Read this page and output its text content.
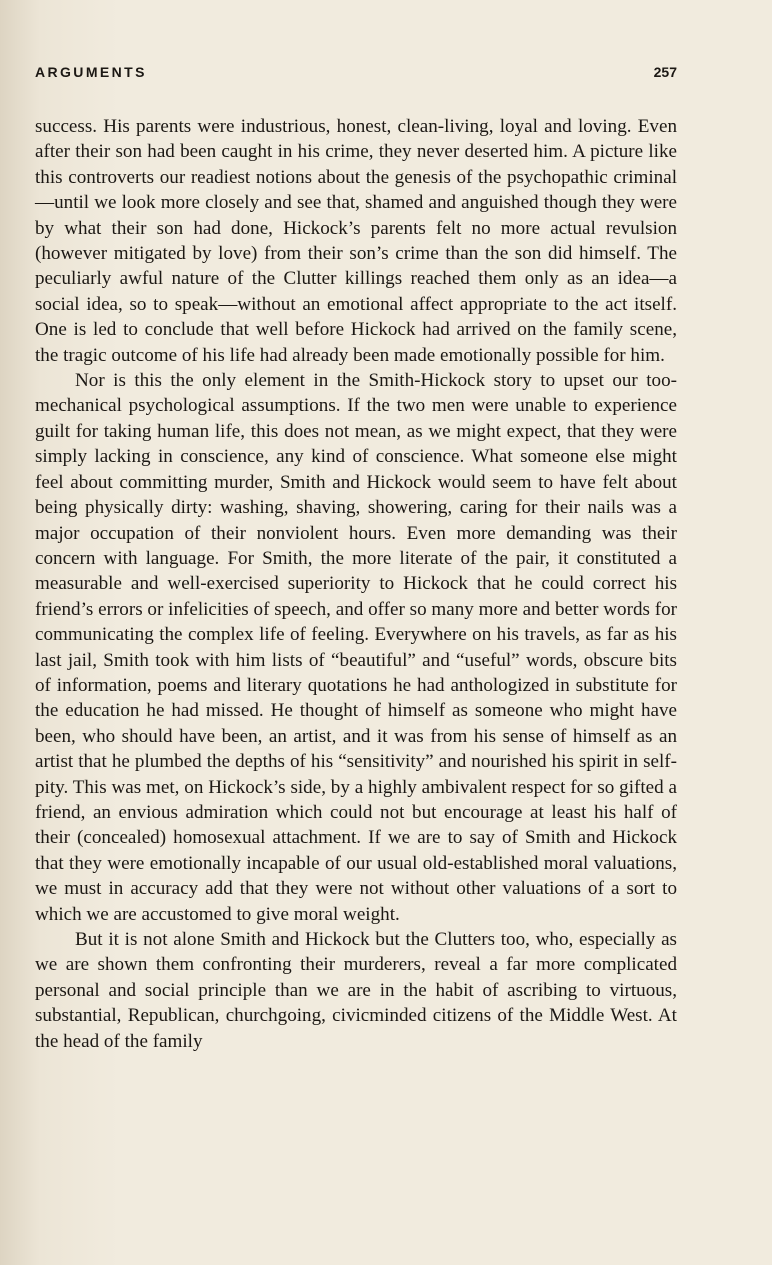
ARGUMENTS	257

success. His parents were industrious, honest, clean-living, loyal and loving. Even after their son had been caught in his crime, they never deserted him. A picture like this controverts our readiest notions about the genesis of the psychopathic criminal—until we look more closely and see that, shamed and anguished though they were by what their son had done, Hickock’s parents felt no more actual revulsion (however mitigated by love) from their son’s crime than the son did himself. The peculiarly awful nature of the Clutter killings reached them only as an idea—a social idea, so to speak—without an emotional affect appropriate to the act itself. One is led to conclude that well before Hickock had arrived on the family scene, the tragic outcome of his life had already been made emotionally possible for him.

Nor is this the only element in the Smith-Hickock story to upset our too-mechanical psychological assumptions. If the two men were unable to experience guilt for taking human life, this does not mean, as we might expect, that they were simply lacking in conscience, any kind of conscience. What someone else might feel about committing murder, Smith and Hickock would seem to have felt about being physically dirty: washing, shaving, showering, caring for their nails was a major occupation of their nonviolent hours. Even more demanding was their concern with language. For Smith, the more literate of the pair, it constituted a measurable and well-exercised superiority to Hickock that he could correct his friend’s errors or infelicities of speech, and offer so many more and better words for communicating the complex life of feeling. Everywhere on his travels, as far as his last jail, Smith took with him lists of “beautiful” and “useful” words, obscure bits of information, poems and literary quotations he had anthologized in substitute for the education he had missed. He thought of himself as someone who might have been, who should have been, an artist, and it was from his sense of himself as an artist that he plumbed the depths of his “sensitivity” and nourished his spirit in self-pity. This was met, on Hickock’s side, by a highly ambivalent respect for so gifted a friend, an envious admiration which could not but encourage at least his half of their (concealed) homosexual attachment. If we are to say of Smith and Hickock that they were emotionally incapable of our usual old-established moral valuations, we must in accuracy add that they were not without other valuations of a sort to which we are accustomed to give moral weight.

But it is not alone Smith and Hickock but the Clutters too, who, especially as we are shown them confronting their murderers, reveal a far more complicated personal and social principle than we are in the habit of ascribing to virtuous, substantial, Republican, churchgoing, civicminded citizens of the Middle West. At the head of the family
